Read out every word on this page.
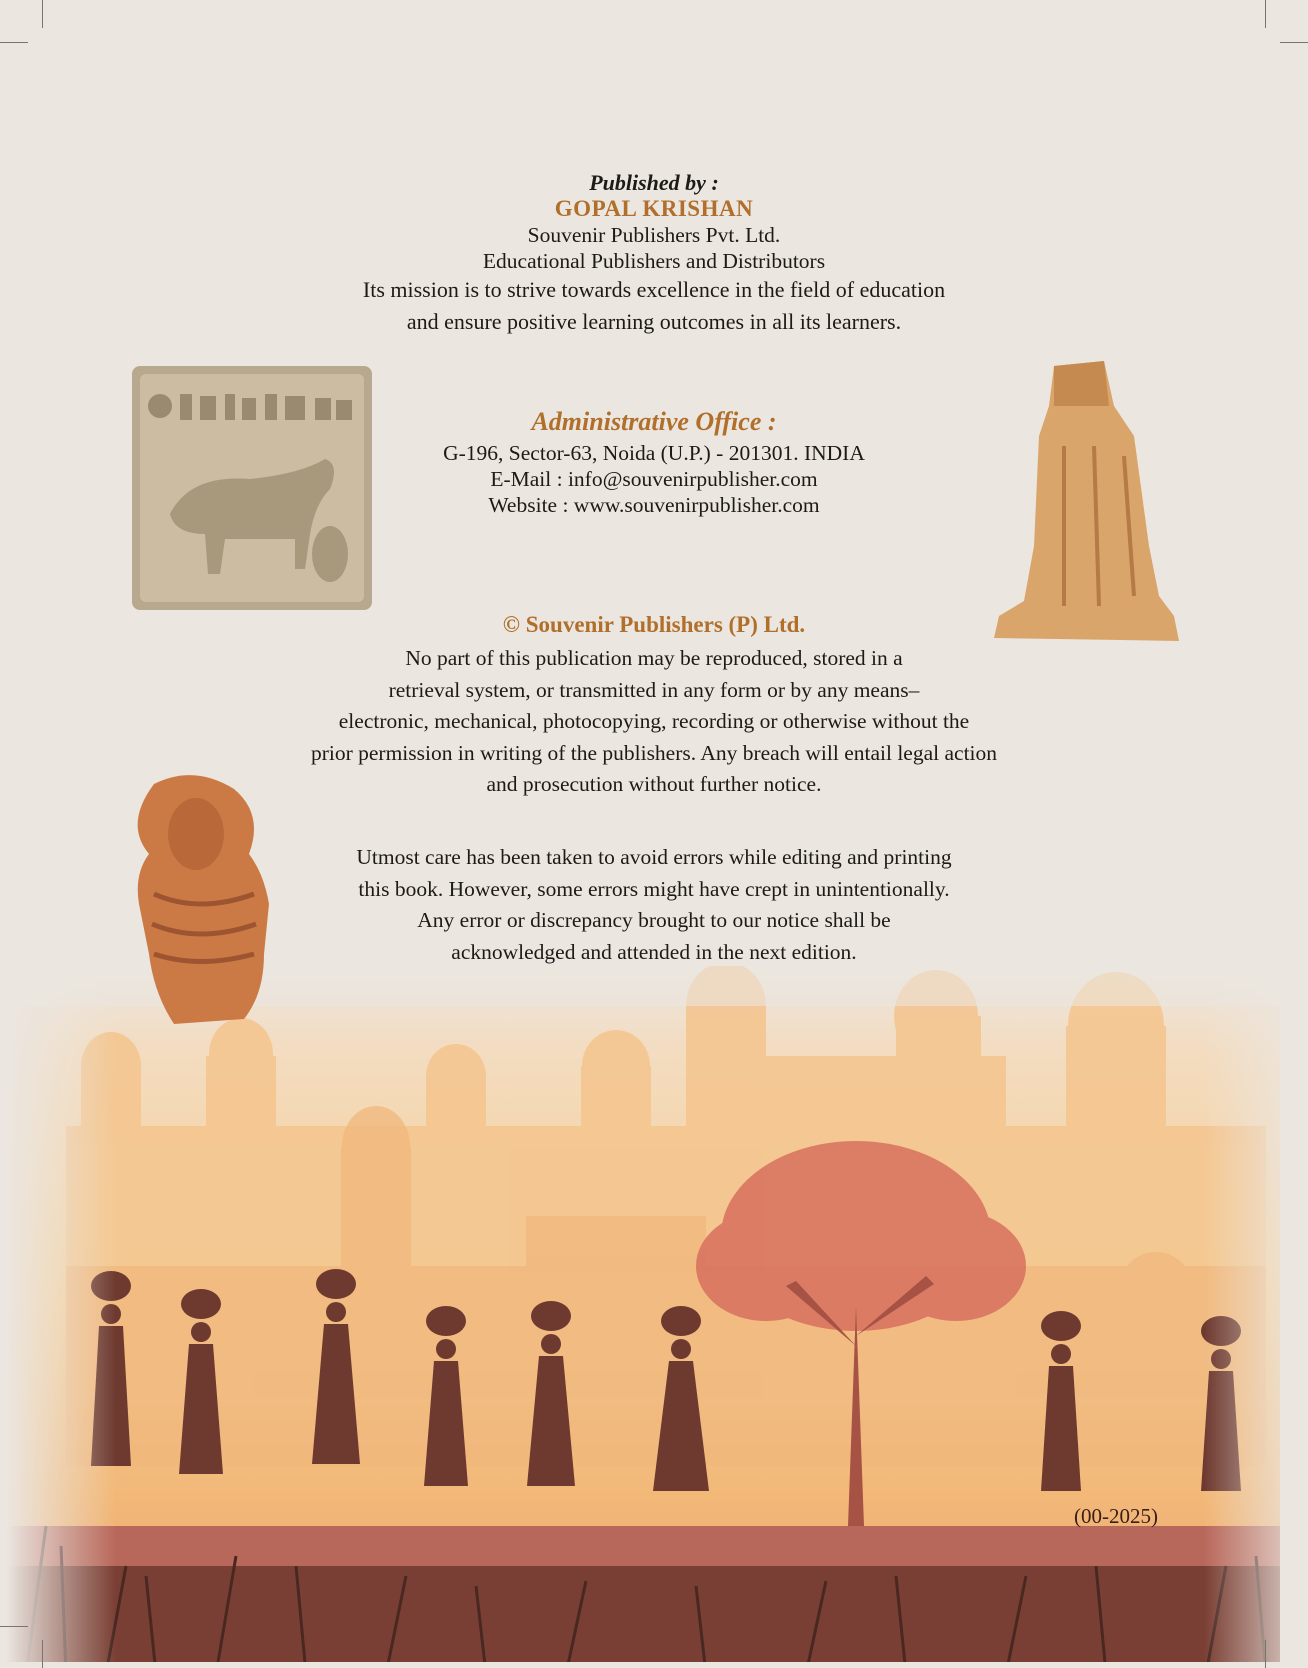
(00-2025)
Published by :
GOPAL KRISHAN
Souvenir Publishers Pvt. Ltd.
Educational Publishers and Distributors
Its mission is to strive towards excellence in the field of education
and ensure positive learning outcomes in all its learners.
Administrative Office :
G-196, Sector-63, Noida (U.P.) - 201301. INDIA
E-Mail : info@souvenirpublisher.com
Website : www.souvenirpublisher.com
© Souvenir Publishers (P) Ltd.
No part of this publication may be reproduced, stored in a
retrieval system, or transmitted in any form or by any means–
electronic, mechanical, photocopying, recording or otherwise without the
prior permission in writing of the publishers. Any breach will entail legal action
and prosecution without further notice.
Utmost care has been taken to avoid errors while editing and printing
this book. However, some errors might have crept in unintentionally.
Any error or discrepancy brought to our notice shall be
acknowledged and attended in the next edition.
